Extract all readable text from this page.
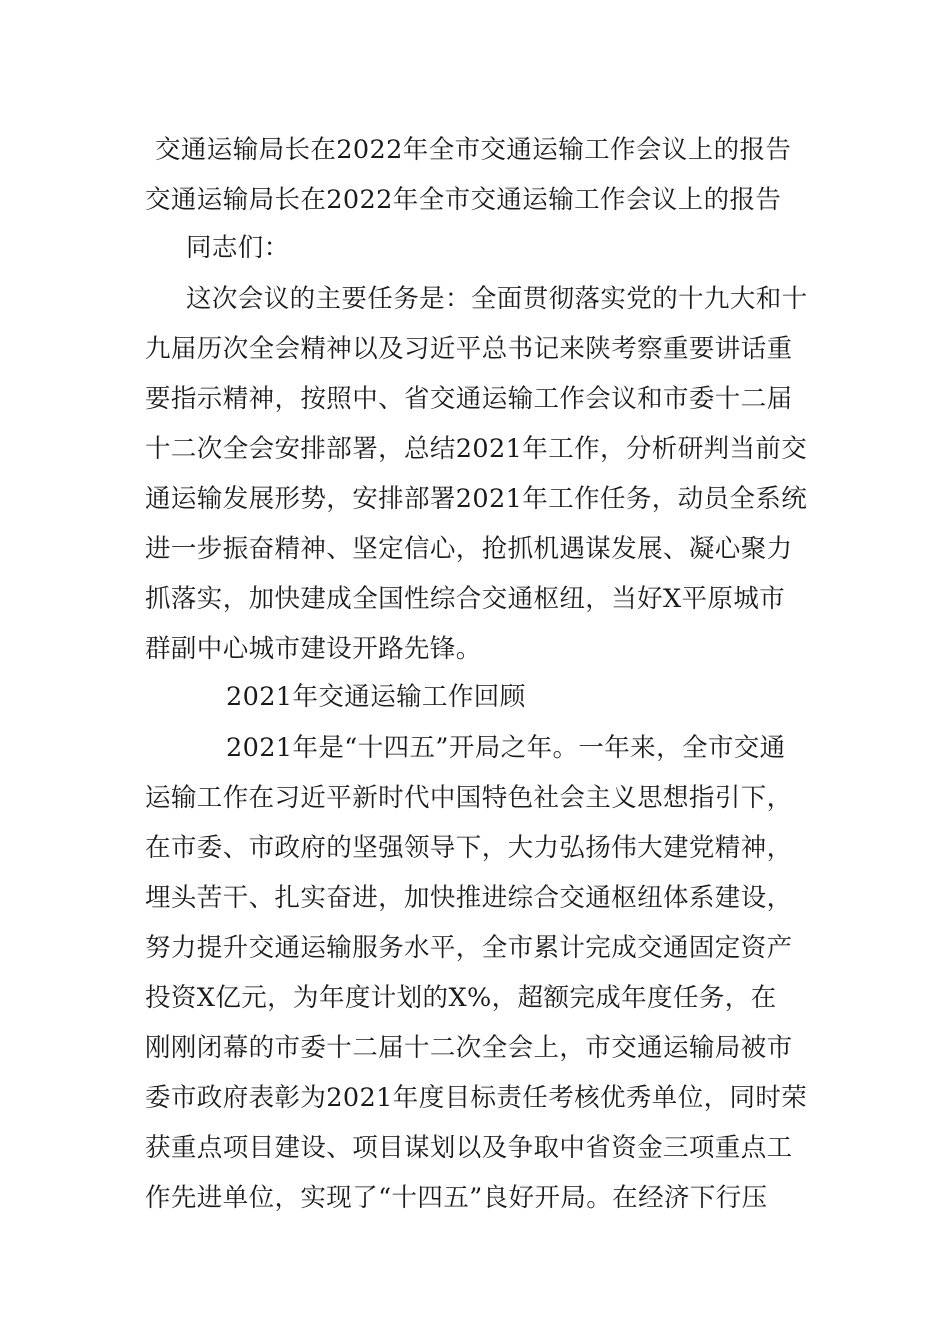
交通运输局长在2022年全市交通运输工作会议上的报告
交通运输局长在2022年全市交通运输工作会议上的报告
同志们：
这次会议的主要任务是：全面贯彻落实党的十九大和十
九届历次全会精神以及习近平总书记来陕考察重要讲话重
要指示精神，按照中、省交通运输工作会议和市委十二届
十二次全会安排部署，总结2021年工作，分析研判当前交
通运输发展形势，安排部署2021年工作任务，动员全系统
进一步振奋精神、坚定信心，抢抓机遇谋发展、凝心聚力
抓落实，加快建成全国性综合交通枢纽，当好X平原城市
群副中心城市建设开路先锋。
2021年交通运输工作回顾
2021年是“十四五”开局之年。一年来，全市交通
运输工作在习近平新时代中国特色社会主义思想指引下，
在市委、市政府的坚强领导下，大力弘扬伟大建党精神，
埋头苦干、扎实奋进，加快推进综合交通枢纽体系建设，
努力提升交通运输服务水平，全市累计完成交通固定资产
投资X亿元，为年度计划的X%，超额完成年度任务，在
刚刚闭幕的市委十二届十二次全会上，市交通运输局被市
委市政府表彰为2021年度目标责任考核优秀单位，同时荣
获重点项目建设、项目谋划以及争取中省资金三项重点工
作先进单位，实现了“十四五”良好开局。在经济下行压
